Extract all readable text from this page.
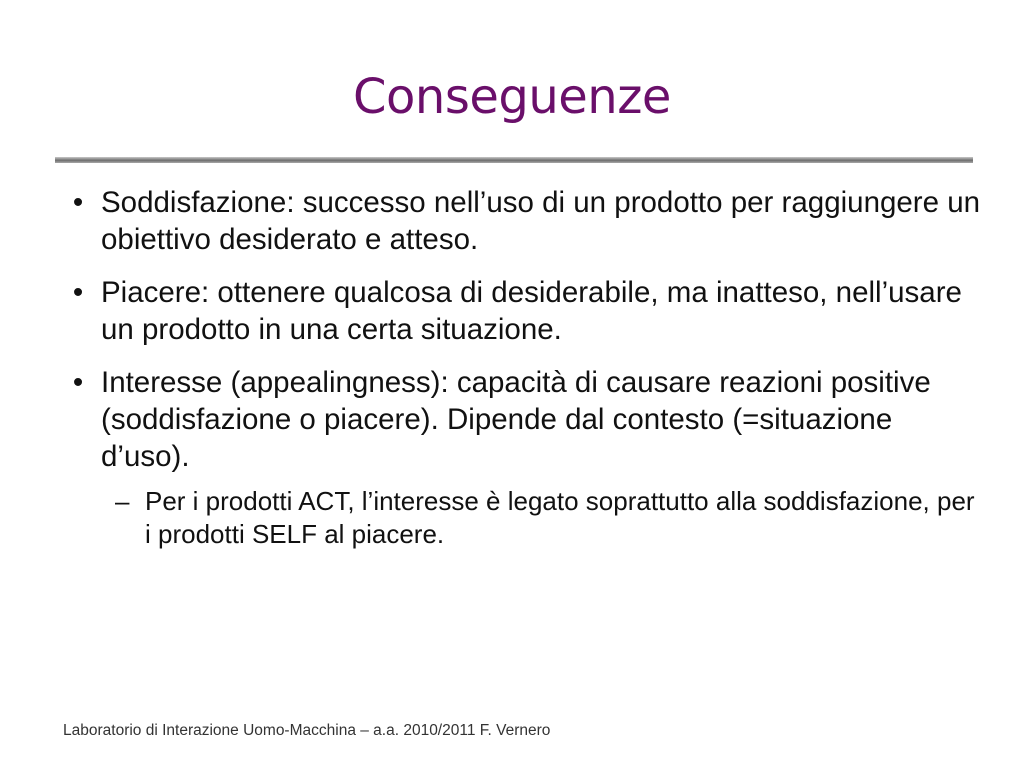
Conseguenze
• Soddisfazione: successo nell’uso di un prodotto per raggiungere un obiettivo desiderato e atteso.
• Piacere: ottenere qualcosa di desiderabile, ma inatteso, nell’usare un prodotto in una certa situazione.
• Interesse (appealingness): capacità di causare reazioni positive (soddisfazione o piacere). Dipende dal contesto (=situazione d’uso).
– Per i prodotti ACT, l’interesse è legato soprattutto alla soddisfazione, per i prodotti SELF al piacere.
Laboratorio di Interazione Uomo-Macchina – a.a. 2010/2011 F. Vernero
